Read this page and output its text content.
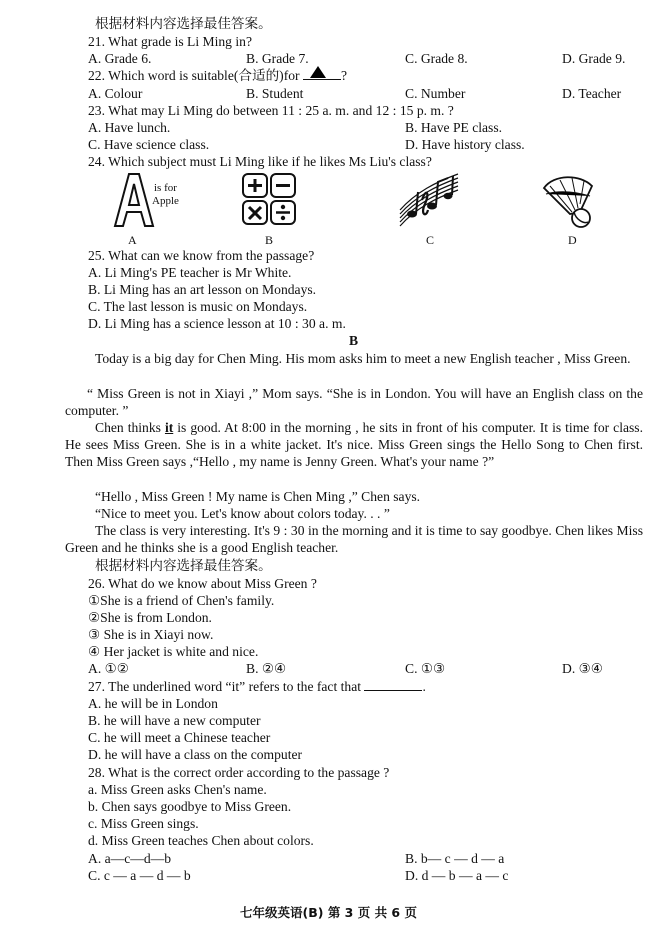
根据材料内容选择最佳答案。
21. What grade is Li Ming in?
A. Grade 6.	B. Grade 7.	C. Grade 8.	D. Grade 9.
22. Which word is suitable(合适的)for	?
A. Colour	B. Student	C. Number	D. Teacher
23. What may Li Ming do between 11 : 25 a. m. and 12 : 15 p. m. ?
A. Have lunch.	B. Have PE class.
C. Have science class.	D. Have history class.
24. Which subject must Li Ming like if he likes Ms Liu's class?
is for
Apple
A	B	C	D
25. What can we know from the passage?
A. Li Ming's PE teacher is Mr White.
B. Li Ming has an art lesson on Mondays.
C. The last lesson is music on Mondays.
D. Li Ming has a science lesson at 10 : 30 a. m.
B
Today is a big day for Chen Ming. His mom asks him to meet a new English teacher , Miss Green.
“ Miss Green is not in Xiayi ,” Mom says. “She is in London. You will have an English class on the computer. ”
Chen thinks it is good. At 8:00 in the morning , he sits in front of his computer. It is time for class. He sees Miss Green. She is in a white jacket. It's nice. Miss Green sings the Hello Song to Chen first. Then Miss Green says ,“Hello , my name is Jenny Green. What's your name ?”
“Hello , Miss Green ! My name is Chen Ming ,” Chen says.
“Nice to meet you. Let's know about colors today. . . ”
The class is very interesting. It's 9 : 30 in the morning and it is time to say goodbye. Chen likes Miss Green and he thinks she is a good English teacher.
根据材料内容选择最佳答案。
26. What do we know about Miss Green ?
①She is a friend of Chen's family.
②She is from London.
③ She is in Xiayi now.
④ Her jacket is white and nice.
A. ①②	B. ②④	C. ①③	D. ③④
27. The underlined word “it” refers to the fact that	.
A. he will be in London
B. he will have a new computer
C. he will meet a Chinese teacher
D. he will have a class on the computer
28. What is the correct order according to the passage ?
a. Miss Green asks Chen's name.
b. Chen says goodbye to Miss Green.
c. Miss Green sings.
d. Miss Green teaches Chen about colors.
A. a—c—d—b	B. b— c — d — a
C. c — a — d — b	D. d — b — a — c
七年级英语(B) 第 3 页 共 6 页
